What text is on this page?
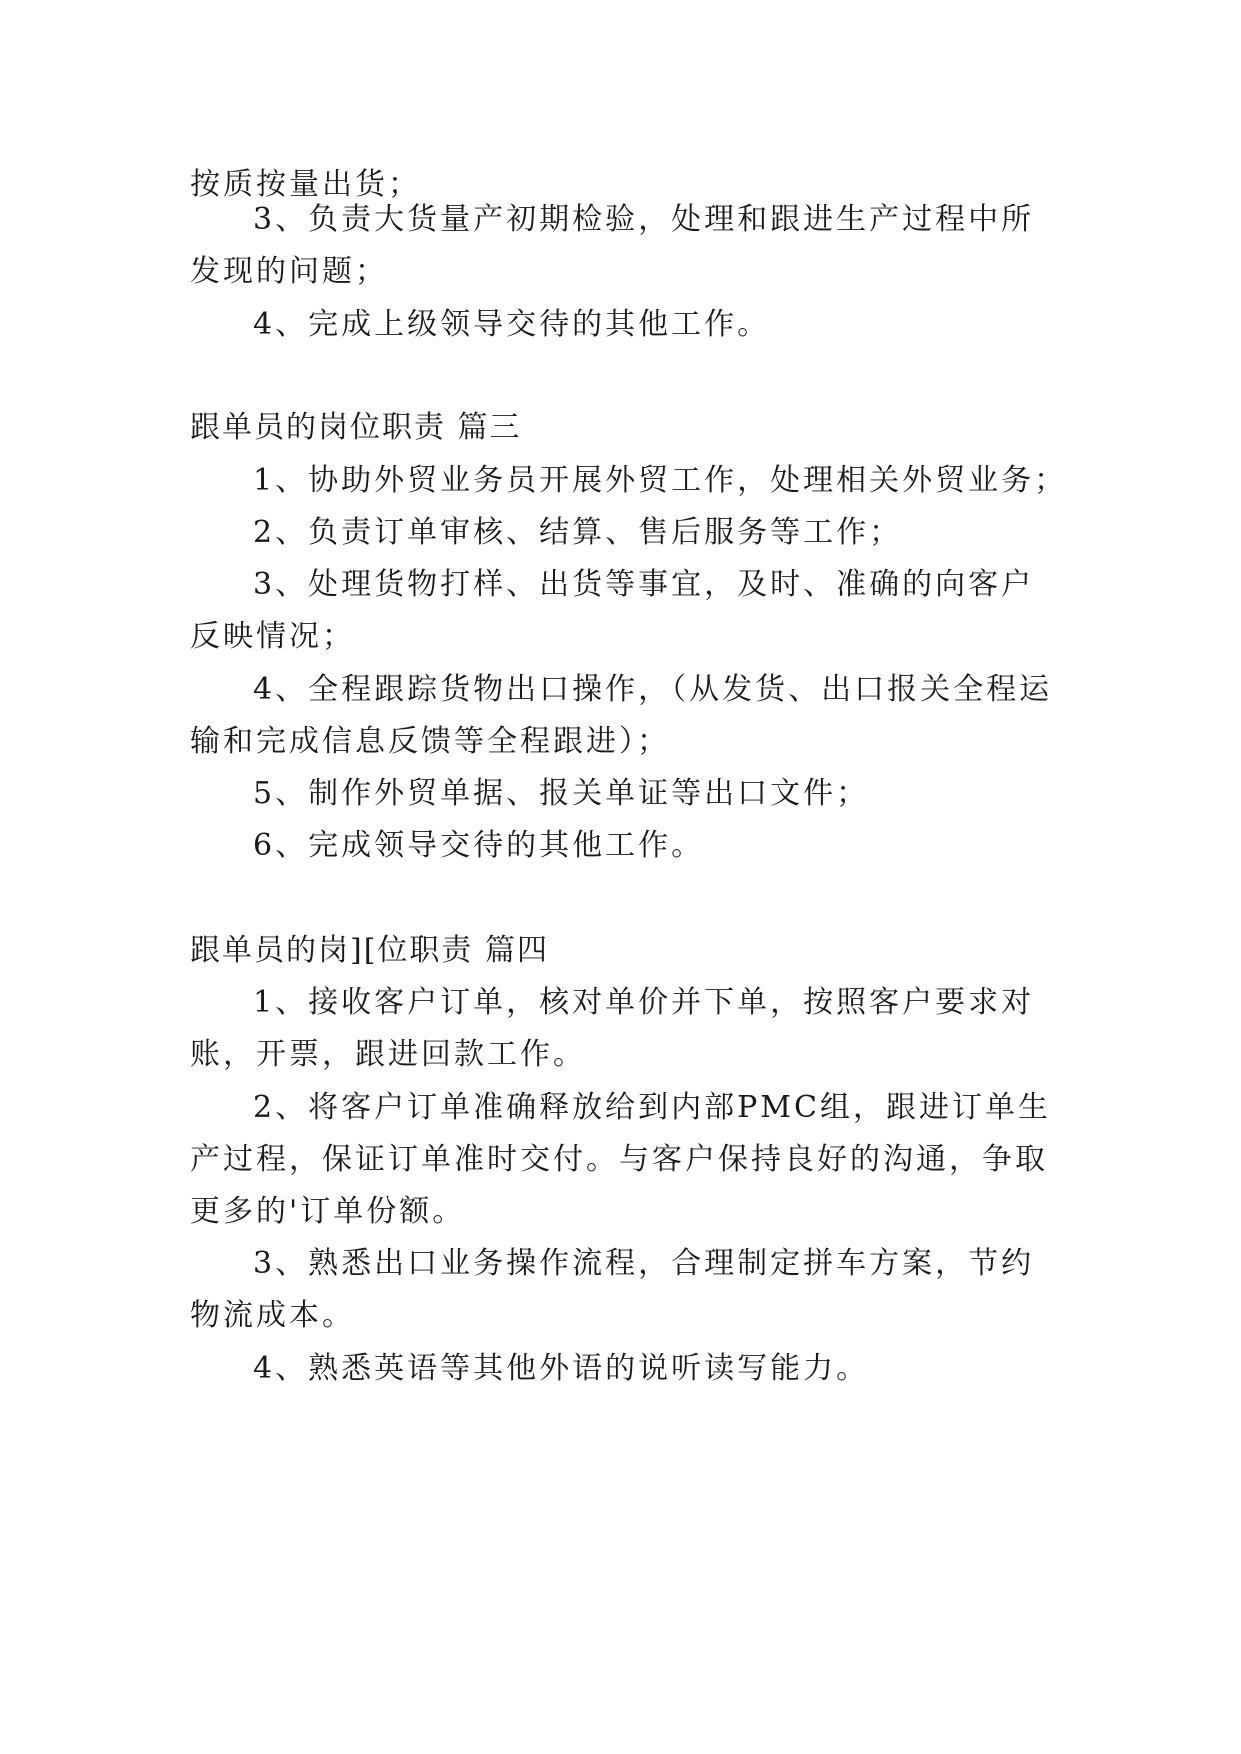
按质按量出货；
3、负责大货量产初期检验，处理和跟进生产过程中所
发现的问题；
4、完成上级领导交待的其他工作。
跟单员的岗位职责 篇三
1、协助外贸业务员开展外贸工作，处理相关外贸业务；
2、负责订单审核、结算、售后服务等工作；
3、处理货物打样、出货等事宜，及时、准确的向客户
反映情况；
4、全程跟踪货物出口操作，（从发货、出口报关全程运
输和完成信息反馈等全程跟进）；
5、制作外贸单据、报关单证等出口文件；
6、完成领导交待的其他工作。
跟单员的岗][位职责 篇四
1、接收客户订单，核对单价并下单，按照客户要求对
账，开票，跟进回款工作。
2、将客户订单准确释放给到内部PMC组，跟进订单生
产过程，保证订单准时交付。与客户保持良好的沟通，争取
更多的'订单份额。
3、熟悉出口业务操作流程，合理制定拼车方案，节约
物流成本。
4、熟悉英语等其他外语的说听读写能力。
